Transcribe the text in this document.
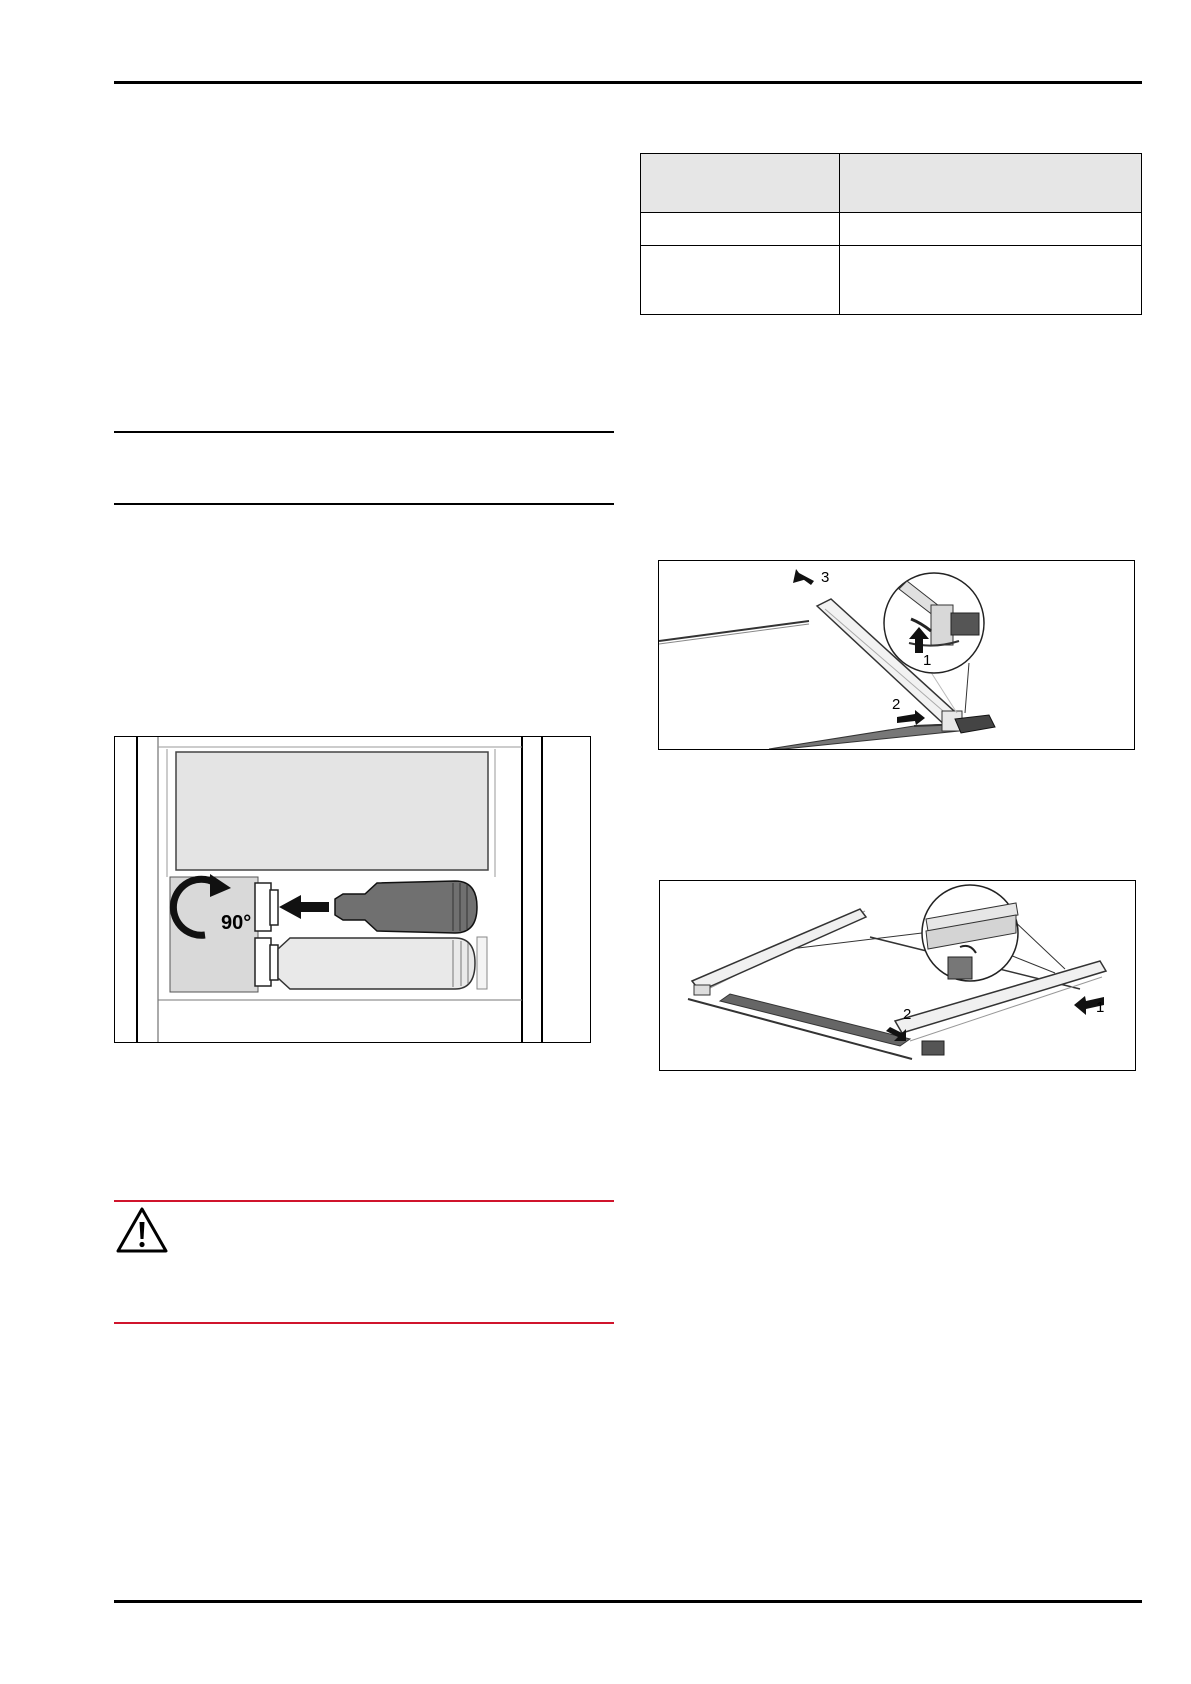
90°
3
1
2
2	1
